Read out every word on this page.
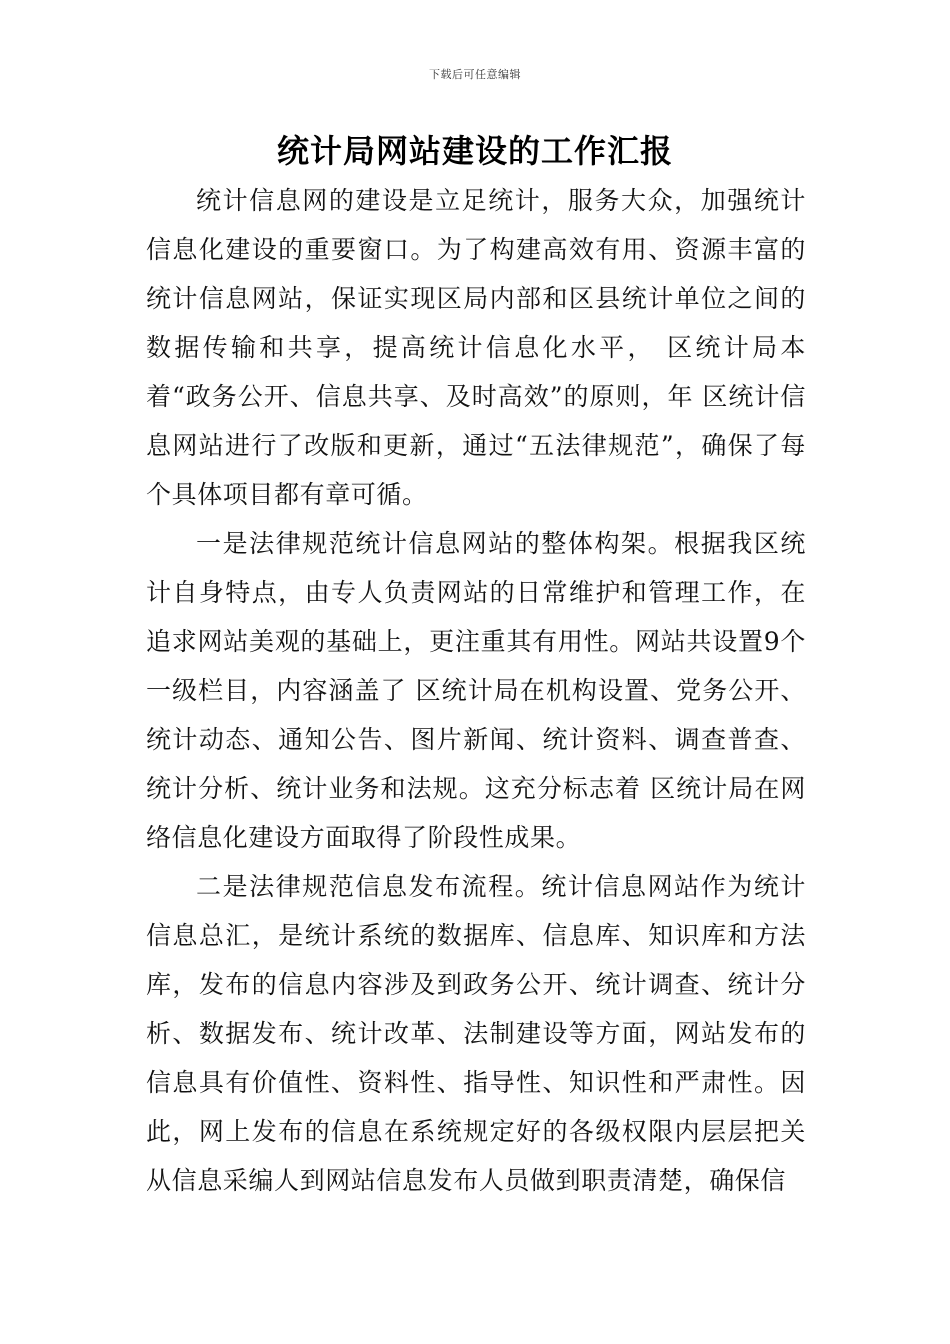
下载后可任意编辑
统计局网站建设的工作汇报

统计信息网的建设是立足统计，服务大众，加强统计信息化建设的重要窗口。为了构建高效有用、资源丰富的统计信息网站，保证实现区局内部和区县统计单位之间的数据传输和共享，提高统计信息化水平， 区统计局本着“政务公开、信息共享、及时高效”的原则，年 区统计信息网站进行了改版和更新，通过“五法律规范”，确保了每个具体项目都有章可循。

一是法律规范统计信息网站的整体构架。根据我区统计自身特点，由专人负责网站的日常维护和管理工作，在追求网站美观的基础上，更注重其有用性。网站共设置9个一级栏目，内容涵盖了 区统计局在机构设置、党务公开、统计动态、通知公告、图片新闻、统计资料、调查普查、统计分析、统计业务和法规。这充分标志着 区统计局在网络信息化建设方面取得了阶段性成果。

二是法律规范信息发布流程。统计信息网站作为统计信息总汇，是统计系统的数据库、信息库、知识库和方法库，发布的信息内容涉及到政务公开、统计调查、统计分析、数据发布、统计改革、法制建设等方面，网站发布的信息具有价值性、资料性、指导性、知识性和严肃性。因此，网上发布的信息在系统规定好的各级权限内层层把关从信息采编人到网站信息发布人员做到职责清楚，确保信
